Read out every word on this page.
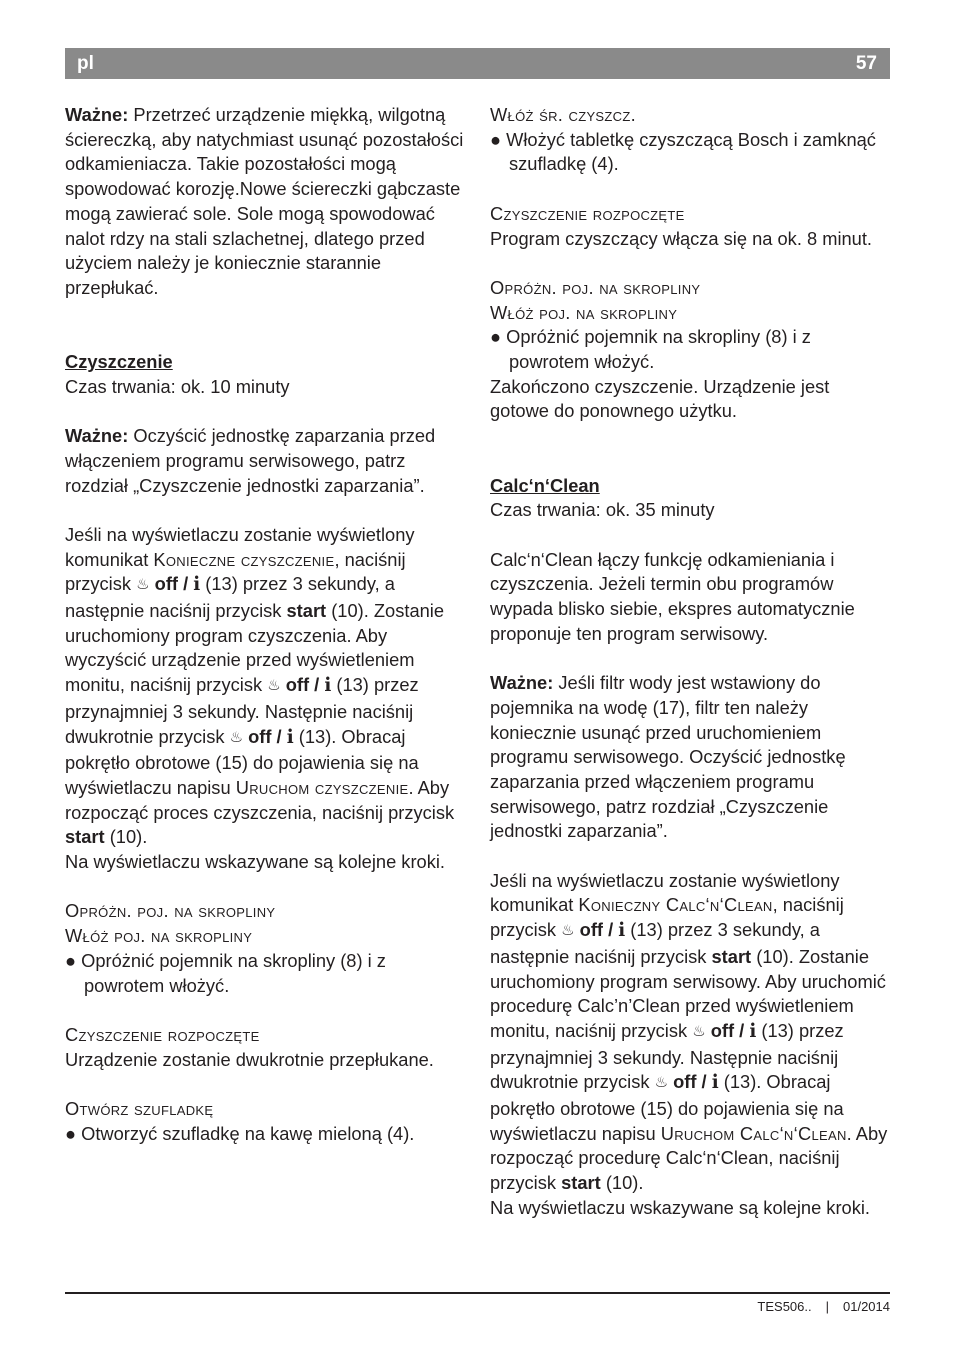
pl	57

Ważne: Przetrzeć urządzenie miękką, wilgotną ściereczką, aby natychmiast usunąć pozostałości odkamieniacza. Takie pozostałości mogą spowodować korozję.Nowe ściereczki gąbczaste mogą zawierać sole. Sole mogą spowodować nalot rdzy na stali szlachetnej, dlatego przed użyciem należy je koniecznie starannie przepłukać.

Czyszczenie

Czas trwania: ok. 10 minuty

Ważne: Oczyścić jednostkę zaparzania przed włączeniem programu serwisowego, patrz rozdział „Czyszczenie jednostki zaparzania”.

Jeśli na wyświetlaczu zostanie wyświetlony komunikat Konieczne czyszczenie, naciśnij przycisk ♨ off / i (13) przez 3 sekundy, a następnie naciśnij przycisk start (10). Zostanie uruchomiony program czyszczenia. Aby wyczyścić urządzenie przed wyświetleniem monitu, naciśnij przycisk ♨ off / i (13) przez przynajmniej 3 sekundy. Następnie naciśnij dwukrotnie przycisk ♨ off / i (13). Obracaj pokrętło obrotowe (15) do pojawienia się na wyświetlaczu napisu Uruchom czyszczenie. Aby rozpocząć proces czyszczenia, naciśnij przycisk start (10).

Na wyświetlaczu wskazywane są kolejne kroki.

Opróżn. poj. na skropliny

Włóż poj. na skropliny

● Opróżnić pojemnik na skropliny (8) i z powrotem włożyć.

Czyszczenie rozpoczęte

Urządzenie zostanie dwukrotnie przepłukane.

Otwórz szufladkę

● Otworzyć szufladkę na kawę mieloną (4).

Włóż śr. czyszcz.

● Włożyć tabletkę czyszczącą Bosch i zamknąć szufladkę (4).

Czyszczenie rozpoczęte

Program czyszczący włącza się na ok. 8 minut.

Opróżn. poj. na skropliny

Włóż poj. na skropliny

● Opróżnić pojemnik na skropliny (8) i z powrotem włożyć.

Zakończono czyszczenie. Urządzenie jest gotowe do ponownego użytku.

Calc‘n‘Clean

Czas trwania: ok. 35 minuty

Calc‘n‘Clean łączy funkcję odkamieniania i czyszczenia. Jeżeli termin obu programów wypada blisko siebie, ekspres automatycznie proponuje ten program serwisowy.

Ważne: Jeśli filtr wody jest wstawiony do pojemnika na wodę (17), filtr ten należy koniecznie usunąć przed uruchomieniem programu serwisowego. Oczyścić jednostkę zaparzania przed włączeniem programu serwisowego, patrz rozdział „Czyszczenie jednostki zaparzania”.

Jeśli na wyświetlaczu zostanie wyświetlony komunikat Konieczny Calc‘n‘Clean, naciśnij przycisk ♨ off / i (13) przez 3 sekundy, a następnie naciśnij przycisk start (10). Zostanie uruchomiony program serwisowy. Aby uruchomić procedurę Calc’n’Clean przed wyświetleniem monitu, naciśnij przycisk ♨ off / i (13) przez przynajmniej 3 sekundy. Następnie naciśnij dwukrotnie przycisk ♨ off / i (13). Obracaj pokrętło obrotowe (15) do pojawienia się na wyświetlaczu napisu Uruchom Calc‘n‘Clean. Aby rozpocząć procedurę Calc‘n‘Clean, naciśnij przycisk start (10).

Na wyświetlaczu wskazywane są kolejne kroki.

TES506.. | 01/2014
